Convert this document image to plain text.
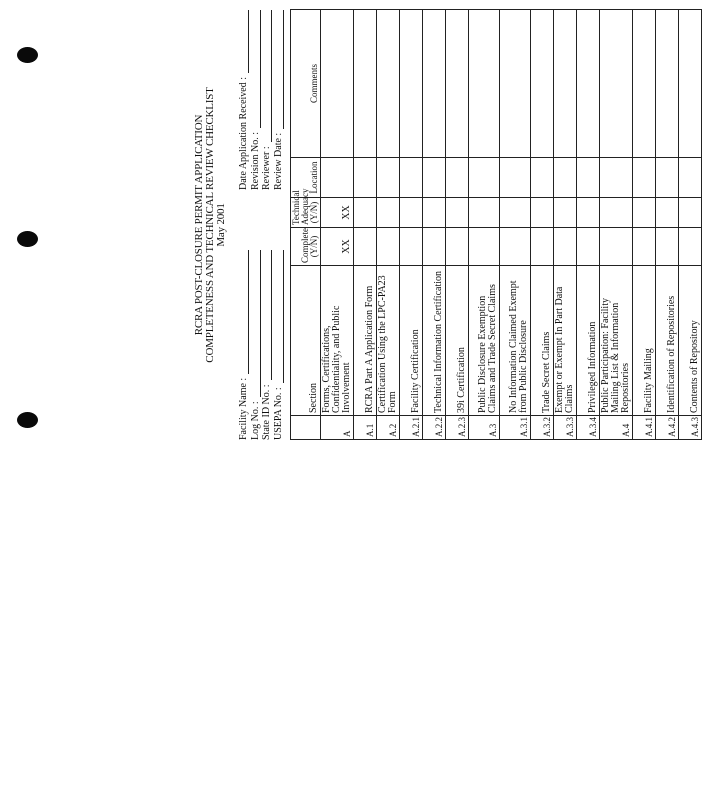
RCRA POST-CLOSURE PERMIT APPLICATION COMPLETENESS AND TECHNICAL REVIEW CHECKLIST May 2001
Facility Name : Log No. : State ID No. : USEPA No. :
Date Application Received : Revision No. : Reviewer : Review Date :
	Section	Complete (Y/N)	Technical Adequacy (Y/N)	Location	Comments
A	Forms, Certifications, Confidentiality, and Public Involvement	XX	XX		
A.1	RCRA Part A Application Form				
A.2	Certification Using the LPC-PA23 Form				
A.2.1	Facility Certification				
A.2.2	Technical Information Certification				
A.2.3	39i Certification				
A.3	Public Disclosure Exemption Claims and Trade Secret Claims				
A.3.1	No Information Claimed Exempt from Public Disclosure				
A.3.2	Trade Secret Claims				
A.3.3	Exempt or Exempt In Part Data Claims				
A.3.4	Privileged Information				
A.4	Public Participation: Facility Mailing List & Information Repositories				
A.4.1	Facility Mailing				
A.4.2	Identification of Repositories				
A.4.3	Contents of Repository				
